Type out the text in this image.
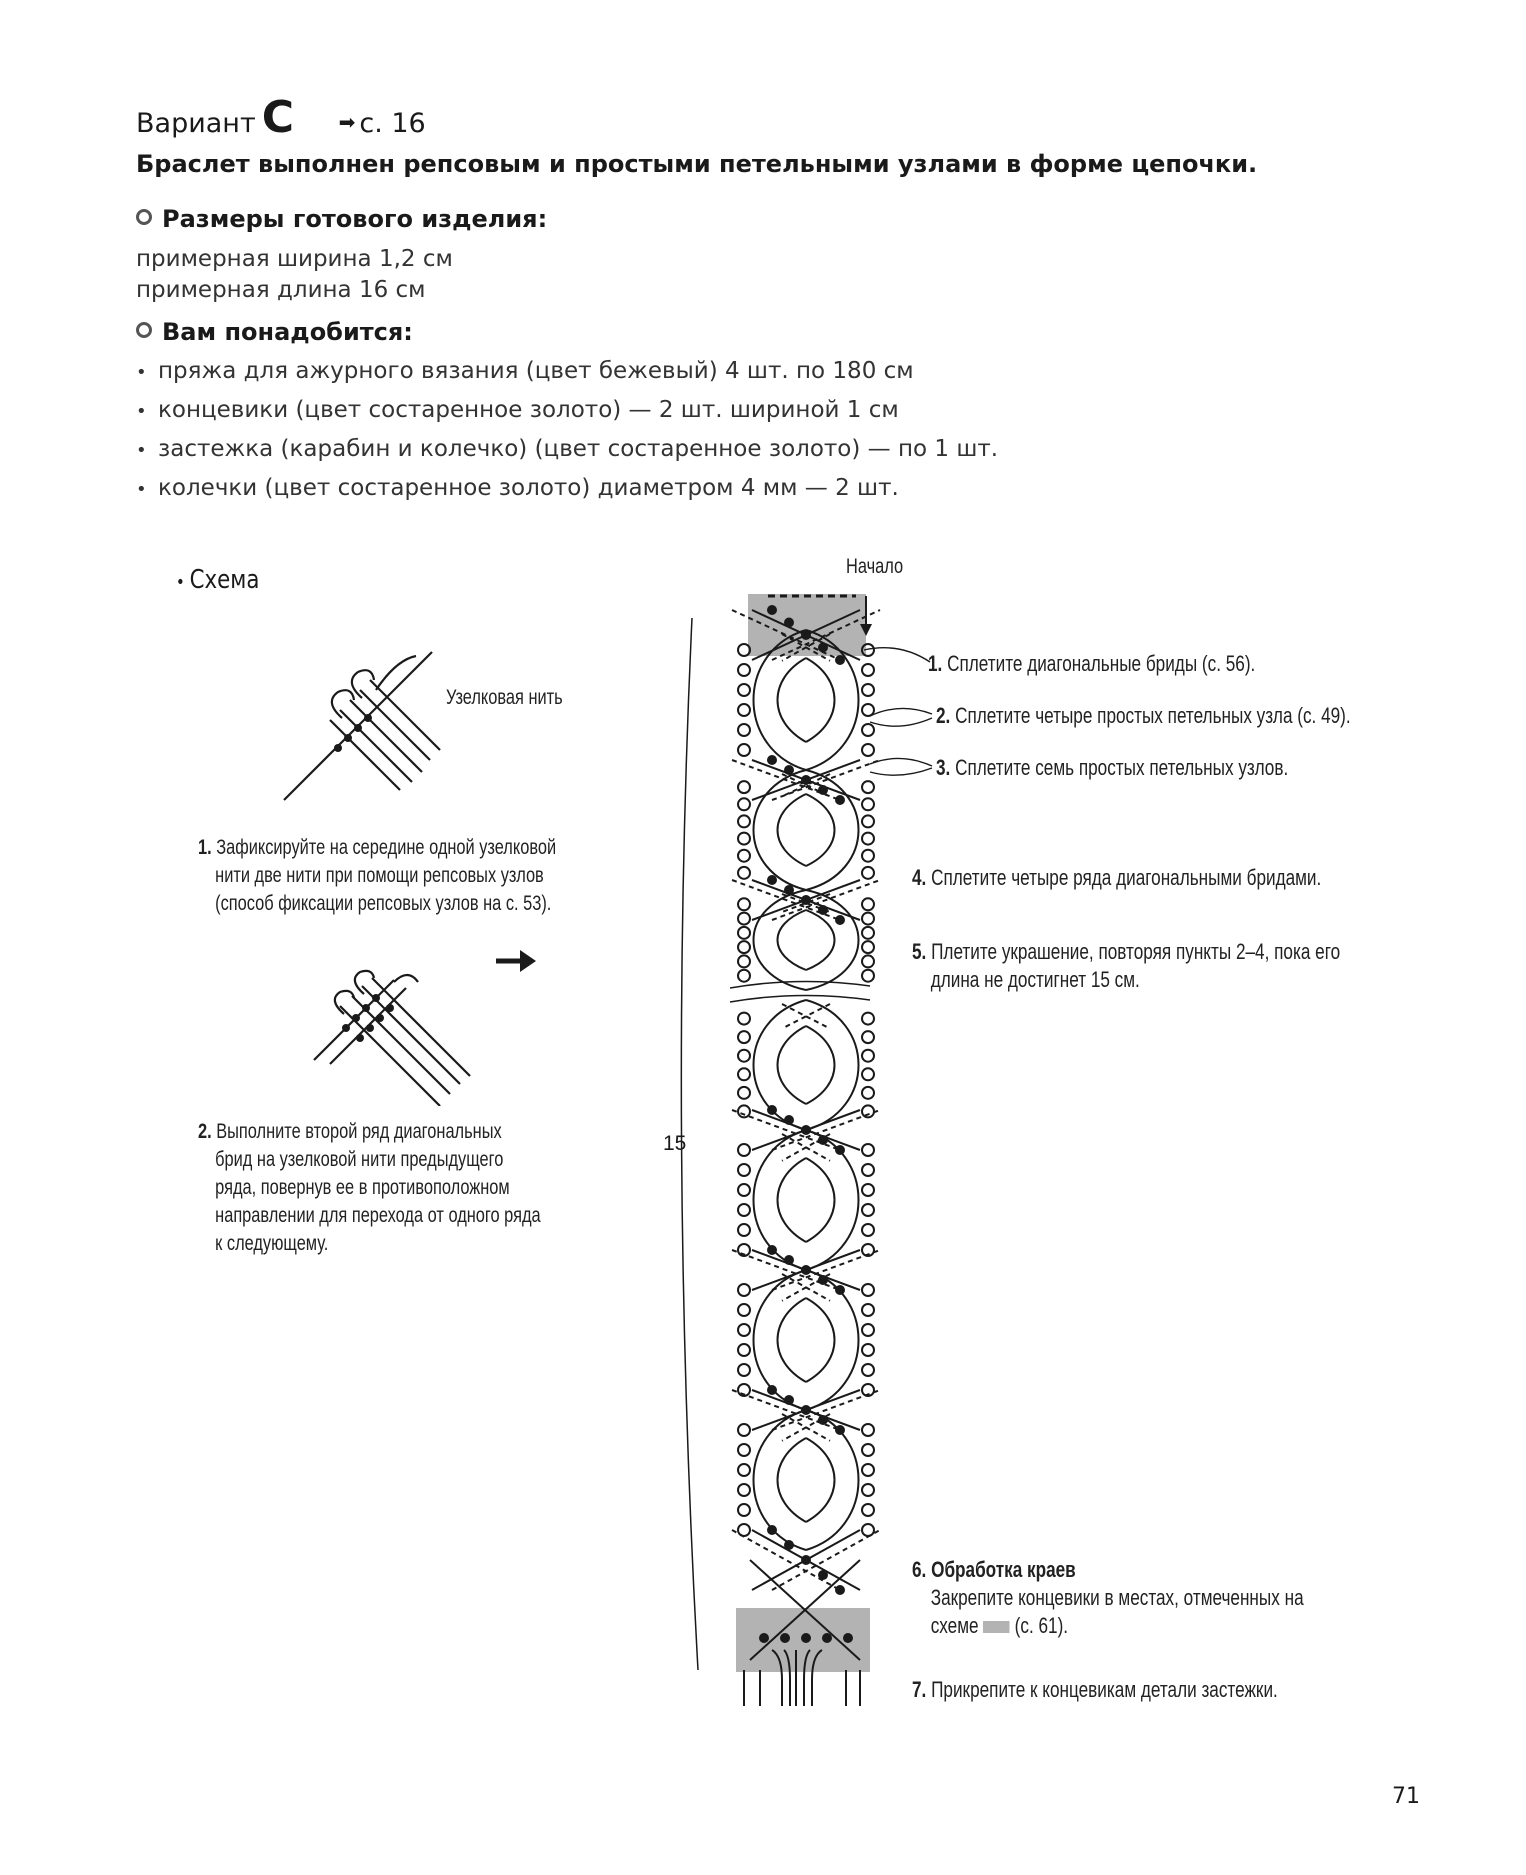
Вариант C ➡ с. 16
Браслет выполнен репсовым и простыми петельными узлами в форме цепочки.
Размеры готового изделия:
примерная ширина 1,2 см
примерная длина 16 см
Вам понадобится:
• пряжа для ажурного вязания (цвет бежевый) 4 шт. по 180 см
• концевики (цвет состаренное золото) — 2 шт. шириной 1 см
• застежка (карабин и колечко) (цвет состаренное золото) — по 1 шт.
• колечки (цвет состаренное золото) диаметром 4 мм — 2 шт.
• Схема
Узелковая нить
1. Зафиксируйте на середине одной узелковой
нити две нити при помощи репсовых узлов
(способ фиксации репсовых узлов на с. 53).
2. Выполните второй ряд диагональных
брид на узелковой нити предыдущего
ряда, повернув ее в противоположном
направлении для перехода от одного ряда
к следующему.
Начало
15
1. Сплетите диагональные бриды (с. 56).
2. Сплетите четыре простых петельных узла (с. 49).
3. Сплетите семь простых петельных узлов.
4. Сплетите четыре ряда диагональными бридами.
5. Плетите украшение, повторяя пункты 2–4, пока его
длина не достигнет 15 см.
6. Обработка краев
Закрепите концевики в местах, отмеченных на
схеме (с. 61).
7. Прикрепите к концевикам детали застежки.
71
